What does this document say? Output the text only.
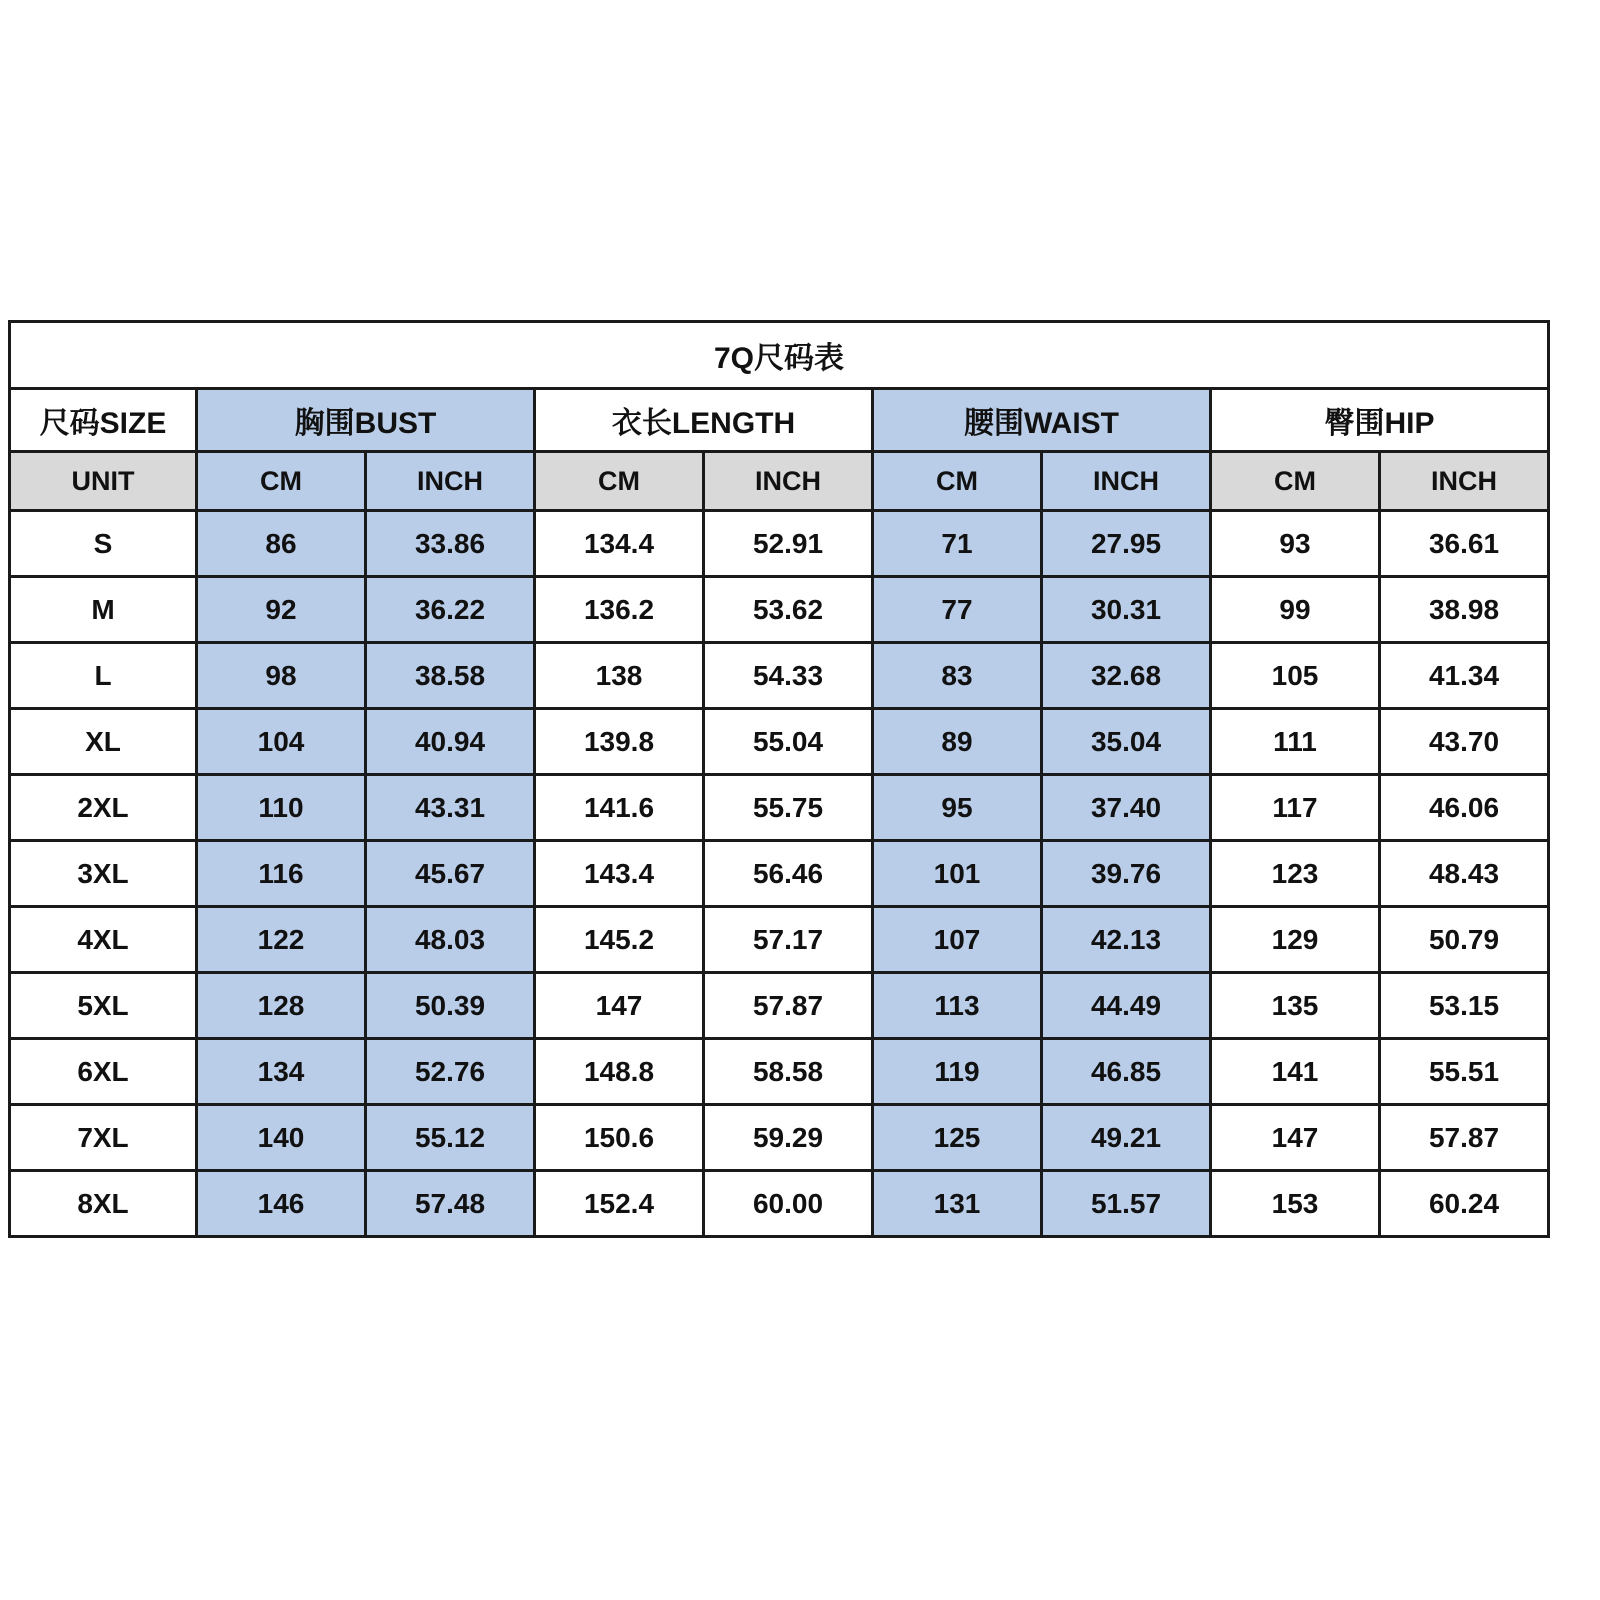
7Q尺码表								
尺码SIZE	胸围BUST		衣长LENGTH		腰围WAIST		臀围HIP	
UNIT	CM	INCH	CM	INCH	CM	INCH	CM	INCH
S	86	33.86	134.4	52.91	71	27.95	93	36.61
M	92	36.22	136.2	53.62	77	30.31	99	38.98
L	98	38.58	138	54.33	83	32.68	105	41.34
XL	104	40.94	139.8	55.04	89	35.04	111	43.70
2XL	110	43.31	141.6	55.75	95	37.40	117	46.06
3XL	116	45.67	143.4	56.46	101	39.76	123	48.43
4XL	122	48.03	145.2	57.17	107	42.13	129	50.79
5XL	128	50.39	147	57.87	113	44.49	135	53.15
6XL	134	52.76	148.8	58.58	119	46.85	141	55.51
7XL	140	55.12	150.6	59.29	125	49.21	147	57.87
8XL	146	57.48	152.4	60.00	131	51.57	153	60.24
